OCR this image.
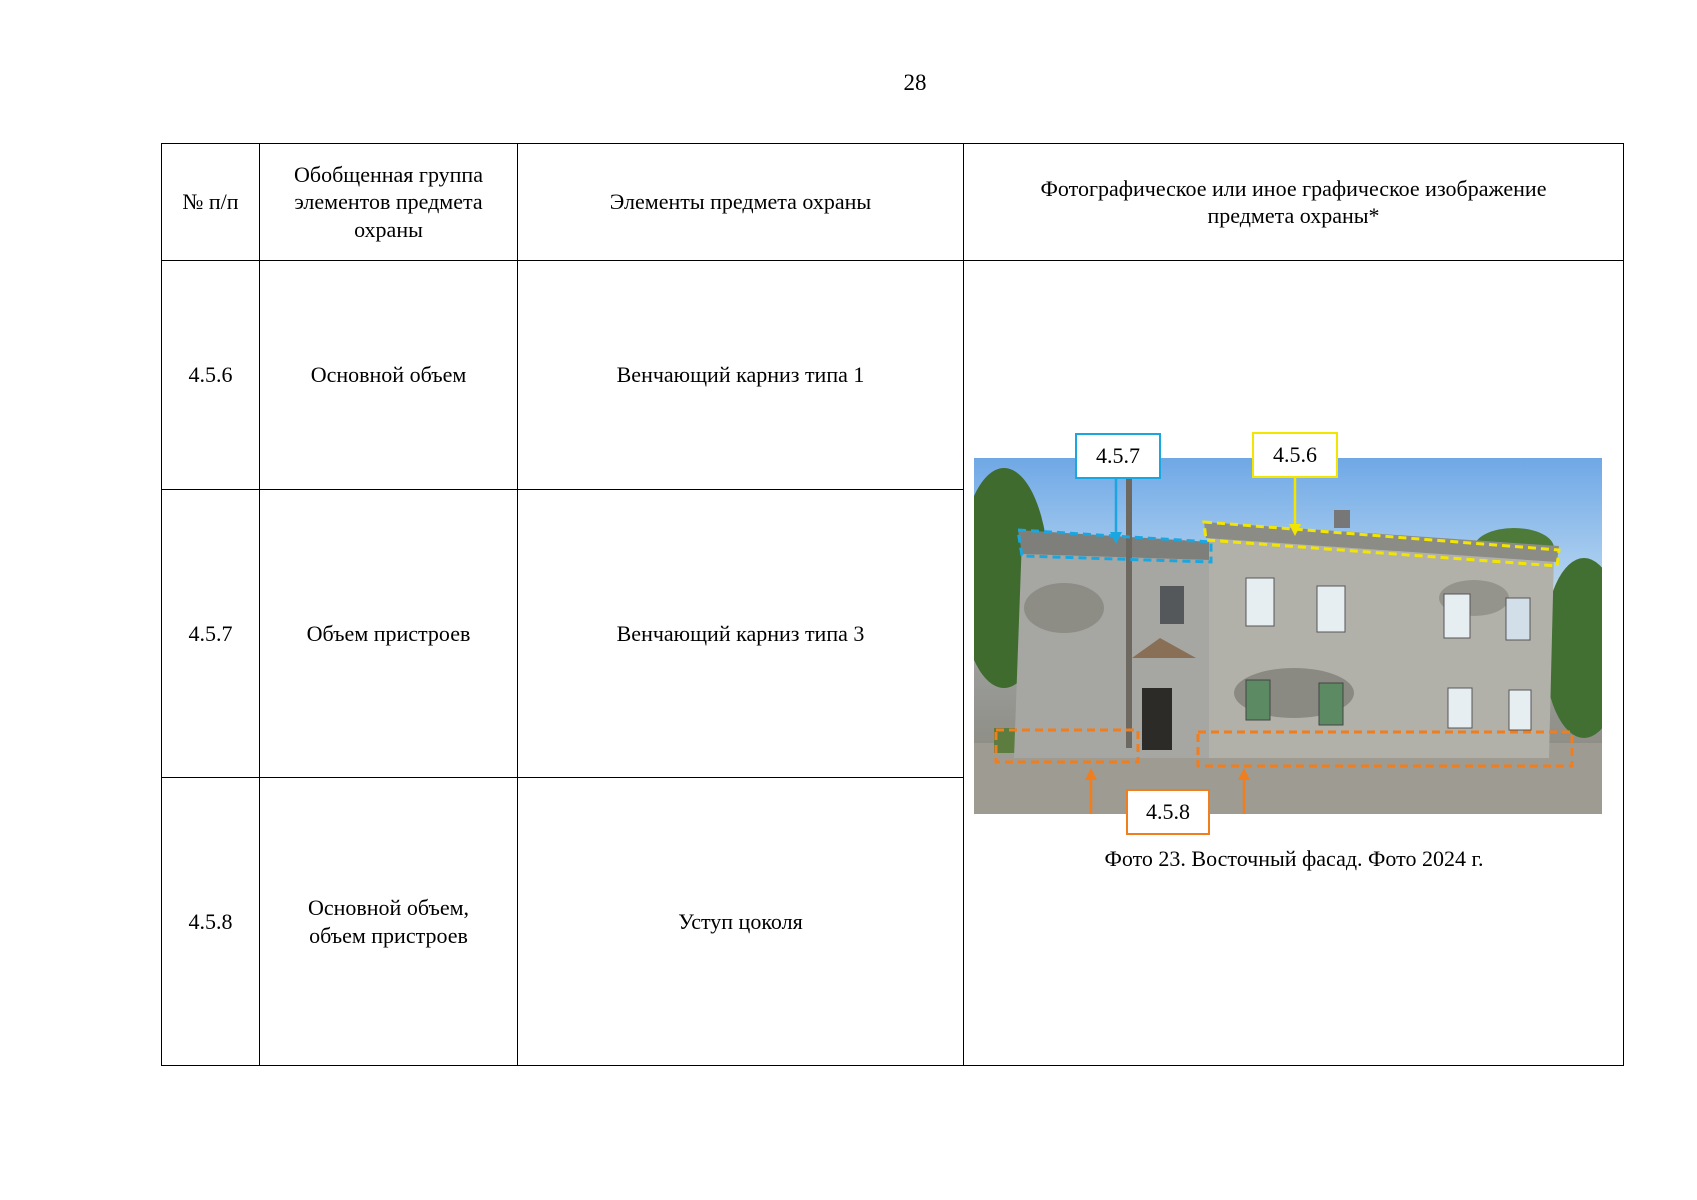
28
№ п/п	Обобщенная группа элементов предмета охраны	Элементы предмета охраны	Фотографическое или иное графическое изображение предмета охраны*
4.5.6	Основной объем	Венчающий карниз типа 1	4.5.7 4.5.6
4.5.8
Фото 23. Восточный фасад. Фото 2024 г.

4.5.7	Объем пристроев	Венчающий карниз типа 3	
4.5.8	Основной объем, объем пристроев	Уступ цоколя	
